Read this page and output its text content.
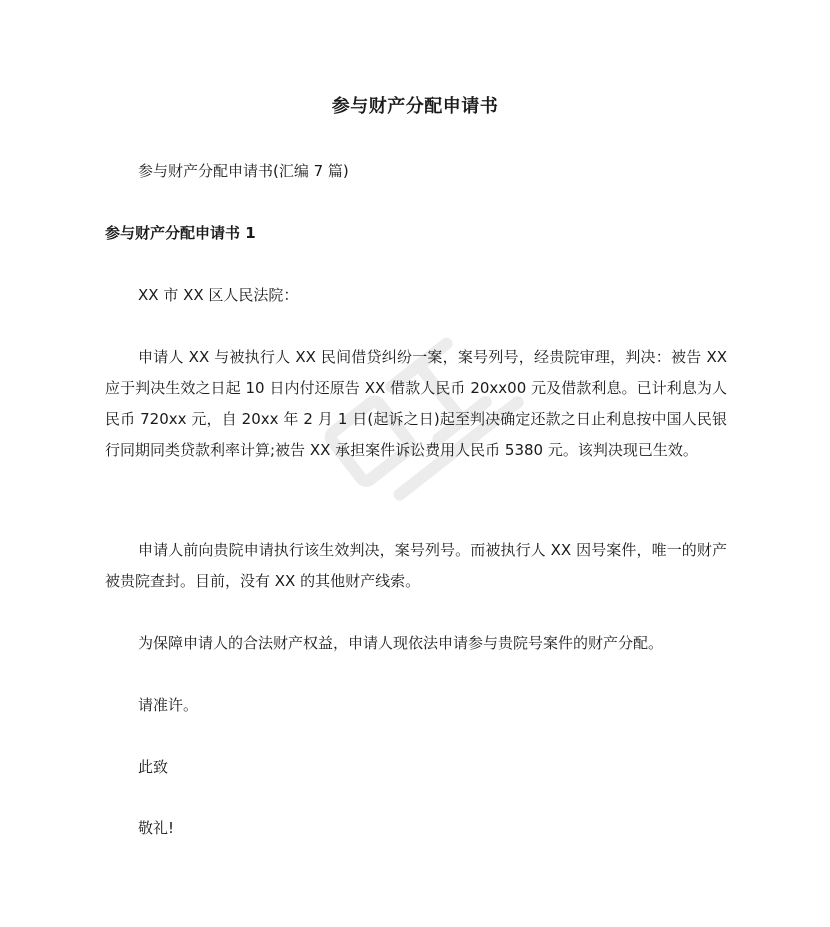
参与财产分配申请书
参与财产分配申请书(汇编 7 篇)
参与财产分配申请书 1
XX 市 XX 区人民法院：
申请人 XX 与被执行人 XX 民间借贷纠纷一案，案号列号，经贵院审理，判决：被告 XX 应于判决生效之日起 10 日内付还原告 XX 借款人民币 20xx00 元及借款利息。已计利息为人民币 720xx 元，自 20xx 年 2 月 1 日(起诉之日)起至判决确定还款之日止利息按中国人民银行同期同类贷款利率计算;被告 XX 承担案件诉讼费用人民币 5380 元。该判决现已生效。
申请人前向贵院申请执行该生效判决，案号列号。而被执行人 XX 因号案件，唯一的财产被贵院查封。目前，没有 XX 的其他财产线索。
为保障申请人的合法财产权益，申请人现依法申请参与贵院号案件的财产分配。
请准许。
此致
敬礼!
